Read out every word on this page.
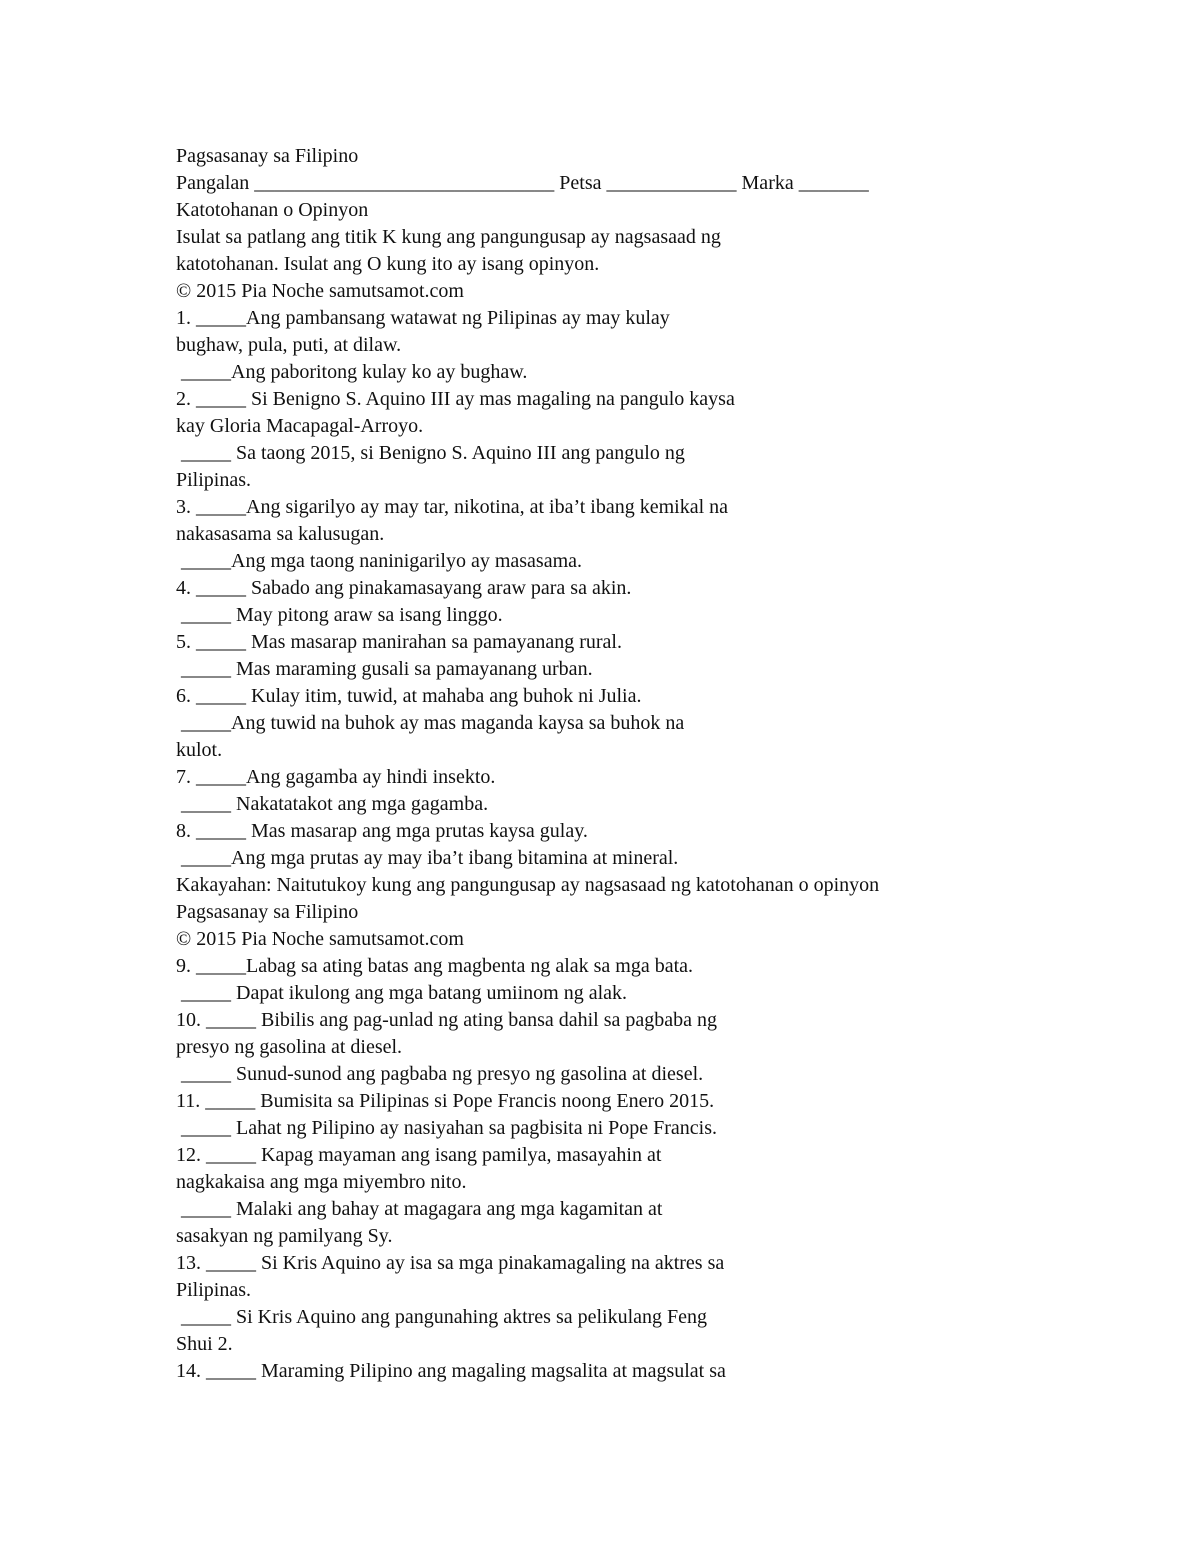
Pagsasanay sa Filipino

Pangalan ______________________________ Petsa _____________ Marka _______

Katotohanan o Opinyon

Isulat sa patlang ang titik K kung ang pangungusap ay nagsasaad ng

katotohanan. Isulat ang O kung ito ay isang opinyon.

© 2015 Pia Noche samutsamot.com

1. _____Ang pambansang watawat ng Pilipinas ay may kulay

bughaw, pula, puti, at dilaw.

_____Ang paboritong kulay ko ay bughaw.

2. _____ Si Benigno S. Aquino III ay mas magaling na pangulo kaysa

kay Gloria Macapagal-Arroyo.

_____ Sa taong 2015, si Benigno S. Aquino III ang pangulo ng

Pilipinas.

3. _____Ang sigarilyo ay may tar, nikotina, at iba’t ibang kemikal na

nakasasama sa kalusugan.

_____Ang mga taong naninigarilyo ay masasama.

4. _____ Sabado ang pinakamasayang araw para sa akin.

_____ May pitong araw sa isang linggo.

5. _____ Mas masarap manirahan sa pamayanang rural.

_____ Mas maraming gusali sa pamayanang urban.

6. _____ Kulay itim, tuwid, at mahaba ang buhok ni Julia.

_____Ang tuwid na buhok ay mas maganda kaysa sa buhok na

kulot.

7. _____Ang gagamba ay hindi insekto.

_____ Nakatatakot ang mga gagamba.

8. _____ Mas masarap ang mga prutas kaysa gulay.

_____Ang mga prutas ay may iba’t ibang bitamina at mineral.

Kakayahan: Naitutukoy kung ang pangungusap ay nagsasaad ng katotohanan o opinyon

Pagsasanay sa Filipino

© 2015 Pia Noche samutsamot.com

9. _____Labag sa ating batas ang magbenta ng alak sa mga bata.

_____ Dapat ikulong ang mga batang umiinom ng alak.

10. _____ Bibilis ang pag-unlad ng ating bansa dahil sa pagbaba ng

presyo ng gasolina at diesel.

_____ Sunud-sunod ang pagbaba ng presyo ng gasolina at diesel.

11. _____ Bumisita sa Pilipinas si Pope Francis noong Enero 2015.

_____ Lahat ng Pilipino ay nasiyahan sa pagbisita ni Pope Francis.

12. _____ Kapag mayaman ang isang pamilya, masayahin at

nagkakaisa ang mga miyembro nito.

_____ Malaki ang bahay at magagara ang mga kagamitan at

sasakyan ng pamilyang Sy.

13. _____ Si Kris Aquino ay isa sa mga pinakamagaling na aktres sa

Pilipinas.

_____ Si Kris Aquino ang pangunahing aktres sa pelikulang Feng

Shui 2.

14. _____ Maraming Pilipino ang magaling magsalita at magsulat sa
